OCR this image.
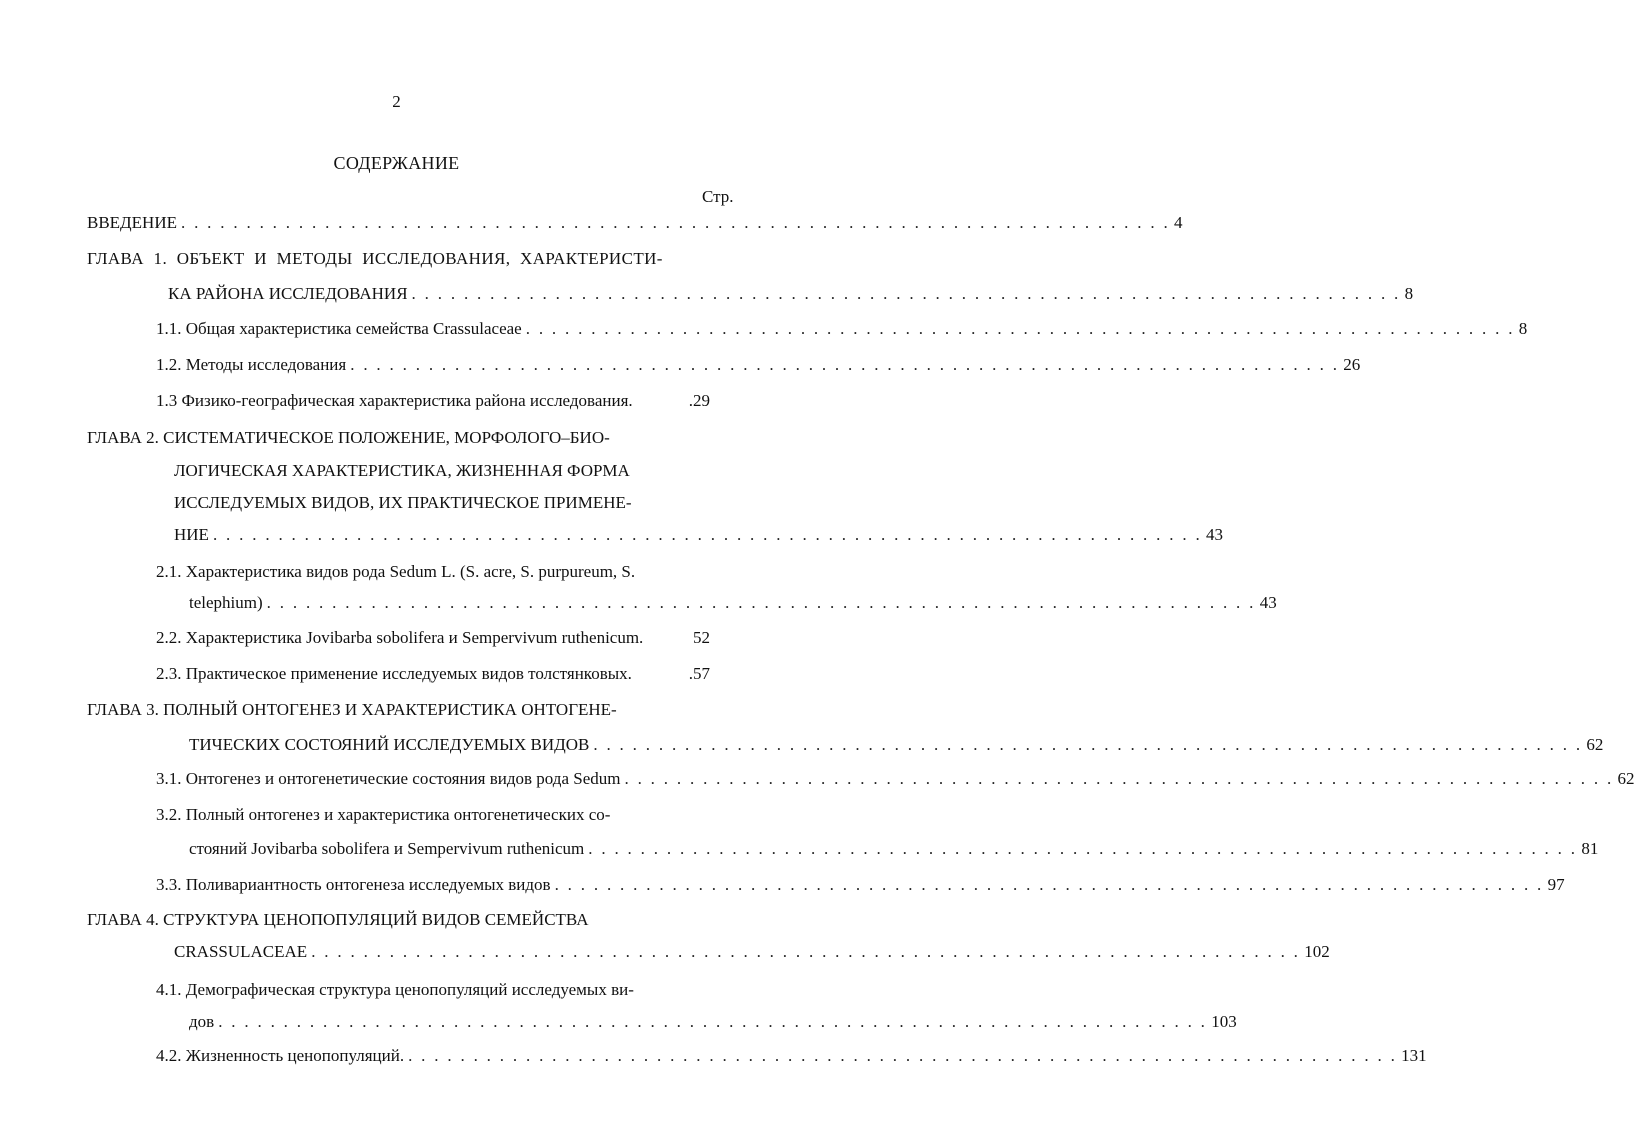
2
СОДЕРЖАНИЕ
Стр.
ВВЕДЕНИЕ . . . . . . . . . . . . . . . . . . . . . . . . . . . . . . . . . . . . . . . . . . . . . . . . . . . . . . . . . . . . . . . . . . . . . . . . . . . . 4
ГЛАВА 1. ОБЪЕКТ И МЕТОДЫ ИССЛЕДОВАНИЯ, ХАРАКТЕРИСТИ-
КА РАЙОНА ИССЛЕДОВАНИЯ . . . . . . . . . . . . . . . . . . . . . . . . . . . . . . . . . . . . . . . . . . . . . . . . . . . . . . . . . . . . . . . . . . . . . . . . . . . . 8
1.1. Общая характеристика семейства Crassulaceae . . . . . . . . . . . . . . . . . . . . . . . . . . . . . . . . . . . . . . . . . . . . . . . . . . . . . . . . . . . . . . . . . . . . . . . . . . . . 8
1.2. Методы исследования . . . . . . . . . . . . . . . . . . . . . . . . . . . . . . . . . . . . . . . . . . . . . . . . . . . . . . . . . . . . . . . . . . . . . . . . . . . . 26
1.3 Физико-географическая характеристика района исследования.	.29
ГЛАВА 2. СИСТЕМАТИЧЕСКОЕ ПОЛОЖЕНИЕ, МОРФОЛОГО–БИО-
ЛОГИЧЕСКАЯ ХАРАКТЕРИСТИКА, ЖИЗНЕННАЯ ФОРМА
ИССЛЕДУЕМЫХ ВИДОВ, ИХ ПРАКТИЧЕСКОЕ ПРИМЕНЕ-
НИЕ . . . . . . . . . . . . . . . . . . . . . . . . . . . . . . . . . . . . . . . . . . . . . . . . . . . . . . . . . . . . . . . . . . . . . . . . . . . . 43
2.1. Характеристика видов рода Sedum L. (S. acre, S. purpureum, S.
telephium) . . . . . . . . . . . . . . . . . . . . . . . . . . . . . . . . . . . . . . . . . . . . . . . . . . . . . . . . . . . . . . . . . . . . . . . . . . . . 43
2.2. Характеристика Jovibarba sobolifera и Sempervivum ruthenicum.	52
2.3. Практическое применение исследуемых видов толстянковых.	.57
ГЛАВА 3. ПОЛНЫЙ ОНТОГЕНЕЗ И ХАРАКТЕРИСТИКА ОНТОГЕНЕ-
ТИЧЕСКИХ СОСТОЯНИЙ ИССЛЕДУЕМЫХ ВИДОВ . . . . . . . . . . . . . . . . . . . . . . . . . . . . . . . . . . . . . . . . . . . . . . . . . . . . . . . . . . . . . . . . . . . . . . . . . . . . 62
3.1. Онтогенез и онтогенетические состояния видов рода Sedum . . . . . . . . . . . . . . . . . . . . . . . . . . . . . . . . . . . . . . . . . . . . . . . . . . . . . . . . . . . . . . . . . . . . . . . . . . . . 62
3.2. Полный онтогенез и характеристика онтогенетических со-
стояний Jovibarba sobolifera и Sempervivum ruthenicum . . . . . . . . . . . . . . . . . . . . . . . . . . . . . . . . . . . . . . . . . . . . . . . . . . . . . . . . . . . . . . . . . . . . . . . . . . . . 81
3.3. Поливариантность онтогенеза исследуемых видов . . . . . . . . . . . . . . . . . . . . . . . . . . . . . . . . . . . . . . . . . . . . . . . . . . . . . . . . . . . . . . . . . . . . . . . . . . . . 97
ГЛАВА 4. СТРУКТУРА ЦЕНОПОПУЛЯЦИЙ ВИДОВ СЕМЕЙСТВА
CRASSULACEAE . . . . . . . . . . . . . . . . . . . . . . . . . . . . . . . . . . . . . . . . . . . . . . . . . . . . . . . . . . . . . . . . . . . . . . . . . . . . 102
4.1. Демографическая структура ценопопуляций исследуемых ви-
дов . . . . . . . . . . . . . . . . . . . . . . . . . . . . . . . . . . . . . . . . . . . . . . . . . . . . . . . . . . . . . . . . . . . . . . . . . . . . 103
4.2. Жизненность ценопопуляций. . . . . . . . . . . . . . . . . . . . . . . . . . . . . . . . . . . . . . . . . . . . . . . . . . . . . . . . . . . . . . . . . . . . . . . . . . . . . 131
